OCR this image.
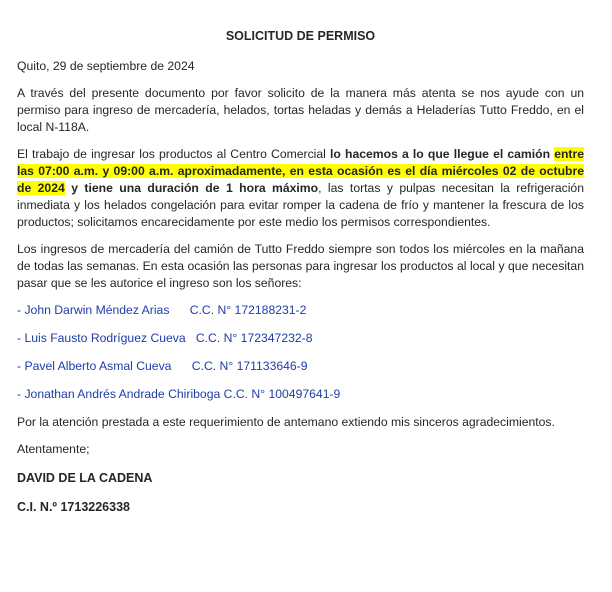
SOLICITUD DE PERMISO

Quito, 29 de septiembre de 2024

A través del presente documento por favor solicito de la manera más atenta se nos ayude con un permiso para ingreso de mercadería, helados, tortas heladas y demás a Heladerías Tutto Freddo, en el local N-118A.

El trabajo de ingresar los productos al Centro Comercial lo hacemos a lo que llegue el camión entre las 07:00 a.m. y 09:00 a.m. aproximadamente, en esta ocasión es el día miércoles 02 de octubre de 2024 y tiene una duración de 1 hora máximo, las tortas y pulpas necesitan la refrigeración inmediata y los helados congelación para evitar romper la cadena de frío y mantener la frescura de los productos; solicitamos encarecidamente por este medio los permisos correspondientes.

Los ingresos de mercadería del camión de Tutto Freddo siempre son todos los miércoles en la mañana de todas las semanas. En esta ocasión las personas para ingresar los productos al local y que necesitan pasar que se les autorice el ingreso son los señores:

- John Darwin Méndez Arias      C.C. N° 172188231-2
- Luis Fausto Rodríguez Cueva   C.C. N° 172347232-8
- Pavel Alberto Asmal Cueva      C.C. N° 171133646-9
- Jonathan Andrés Andrade Chiriboga C.C. N° 100497641-9

Por la atención prestada a este requerimiento de antemano extiendo mis sinceros agradecimientos.

Atentamente;

DAVID DE LA CADENA
C.I. N.º 1713226338
